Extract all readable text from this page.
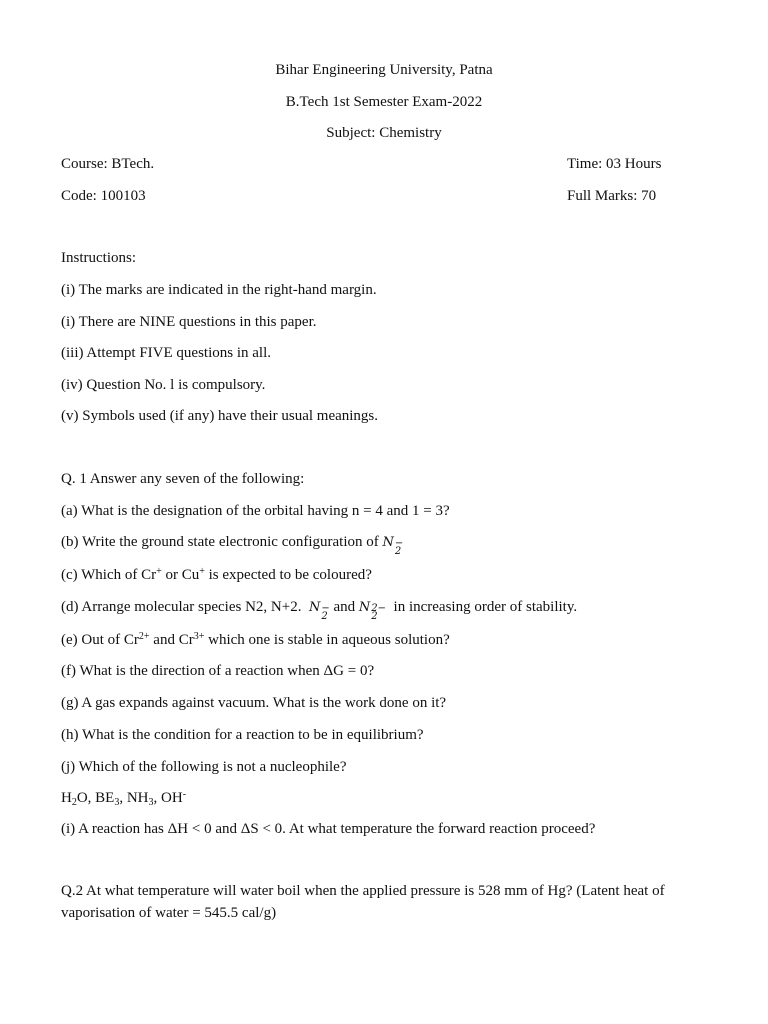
Bihar Engineering University, Patna
B.Tech 1st Semester Exam-2022
Subject: Chemistry
Course: BTech.	Time: 03 Hours
Code: 100103	Full Marks: 70
Instructions:
(i) The marks are indicated in the right-hand margin.
(i) There are NINE questions in this paper.
(iii) Attempt FIVE questions in all.
(iv) Question No. l is compulsory.
(v) Symbols used (if any) have their usual meanings.
Q. 1 Answer any seven of the following:
(a) What is the designation of the orbital having n = 4 and 1 = 3?
(b) Write the ground state electronic configuration of N −
2
(c) Which of Cr+ or Cu+ is expected to be coloured?
(d) Arrange molecular species N2, N+2.  N −
2
and N 2−
2
in increasing order of stability.
(e) Out of $Cr^{2+}$ and $Cr^{3+}$ which one is stable in aqueous solution?
(f) What is the direction of a reaction when ΔG = 0?
(g) A gas expands against vacuum. What is the work done on it?
(h) What is the condition for a reaction to be in equilibrium?
(j) Which of the following is not a nucleophile?
$H_2O$, $BE_3$, $NH_3$, OH-
(i) A reaction has ΔH < 0 and ΔS < 0. At what temperature the forward reaction proceed?
Q.2 At what temperature will water boil when the applied pressure is 528 mm of Hg? (Latent heat of vaporisation of water = 545.5 cal/g)
